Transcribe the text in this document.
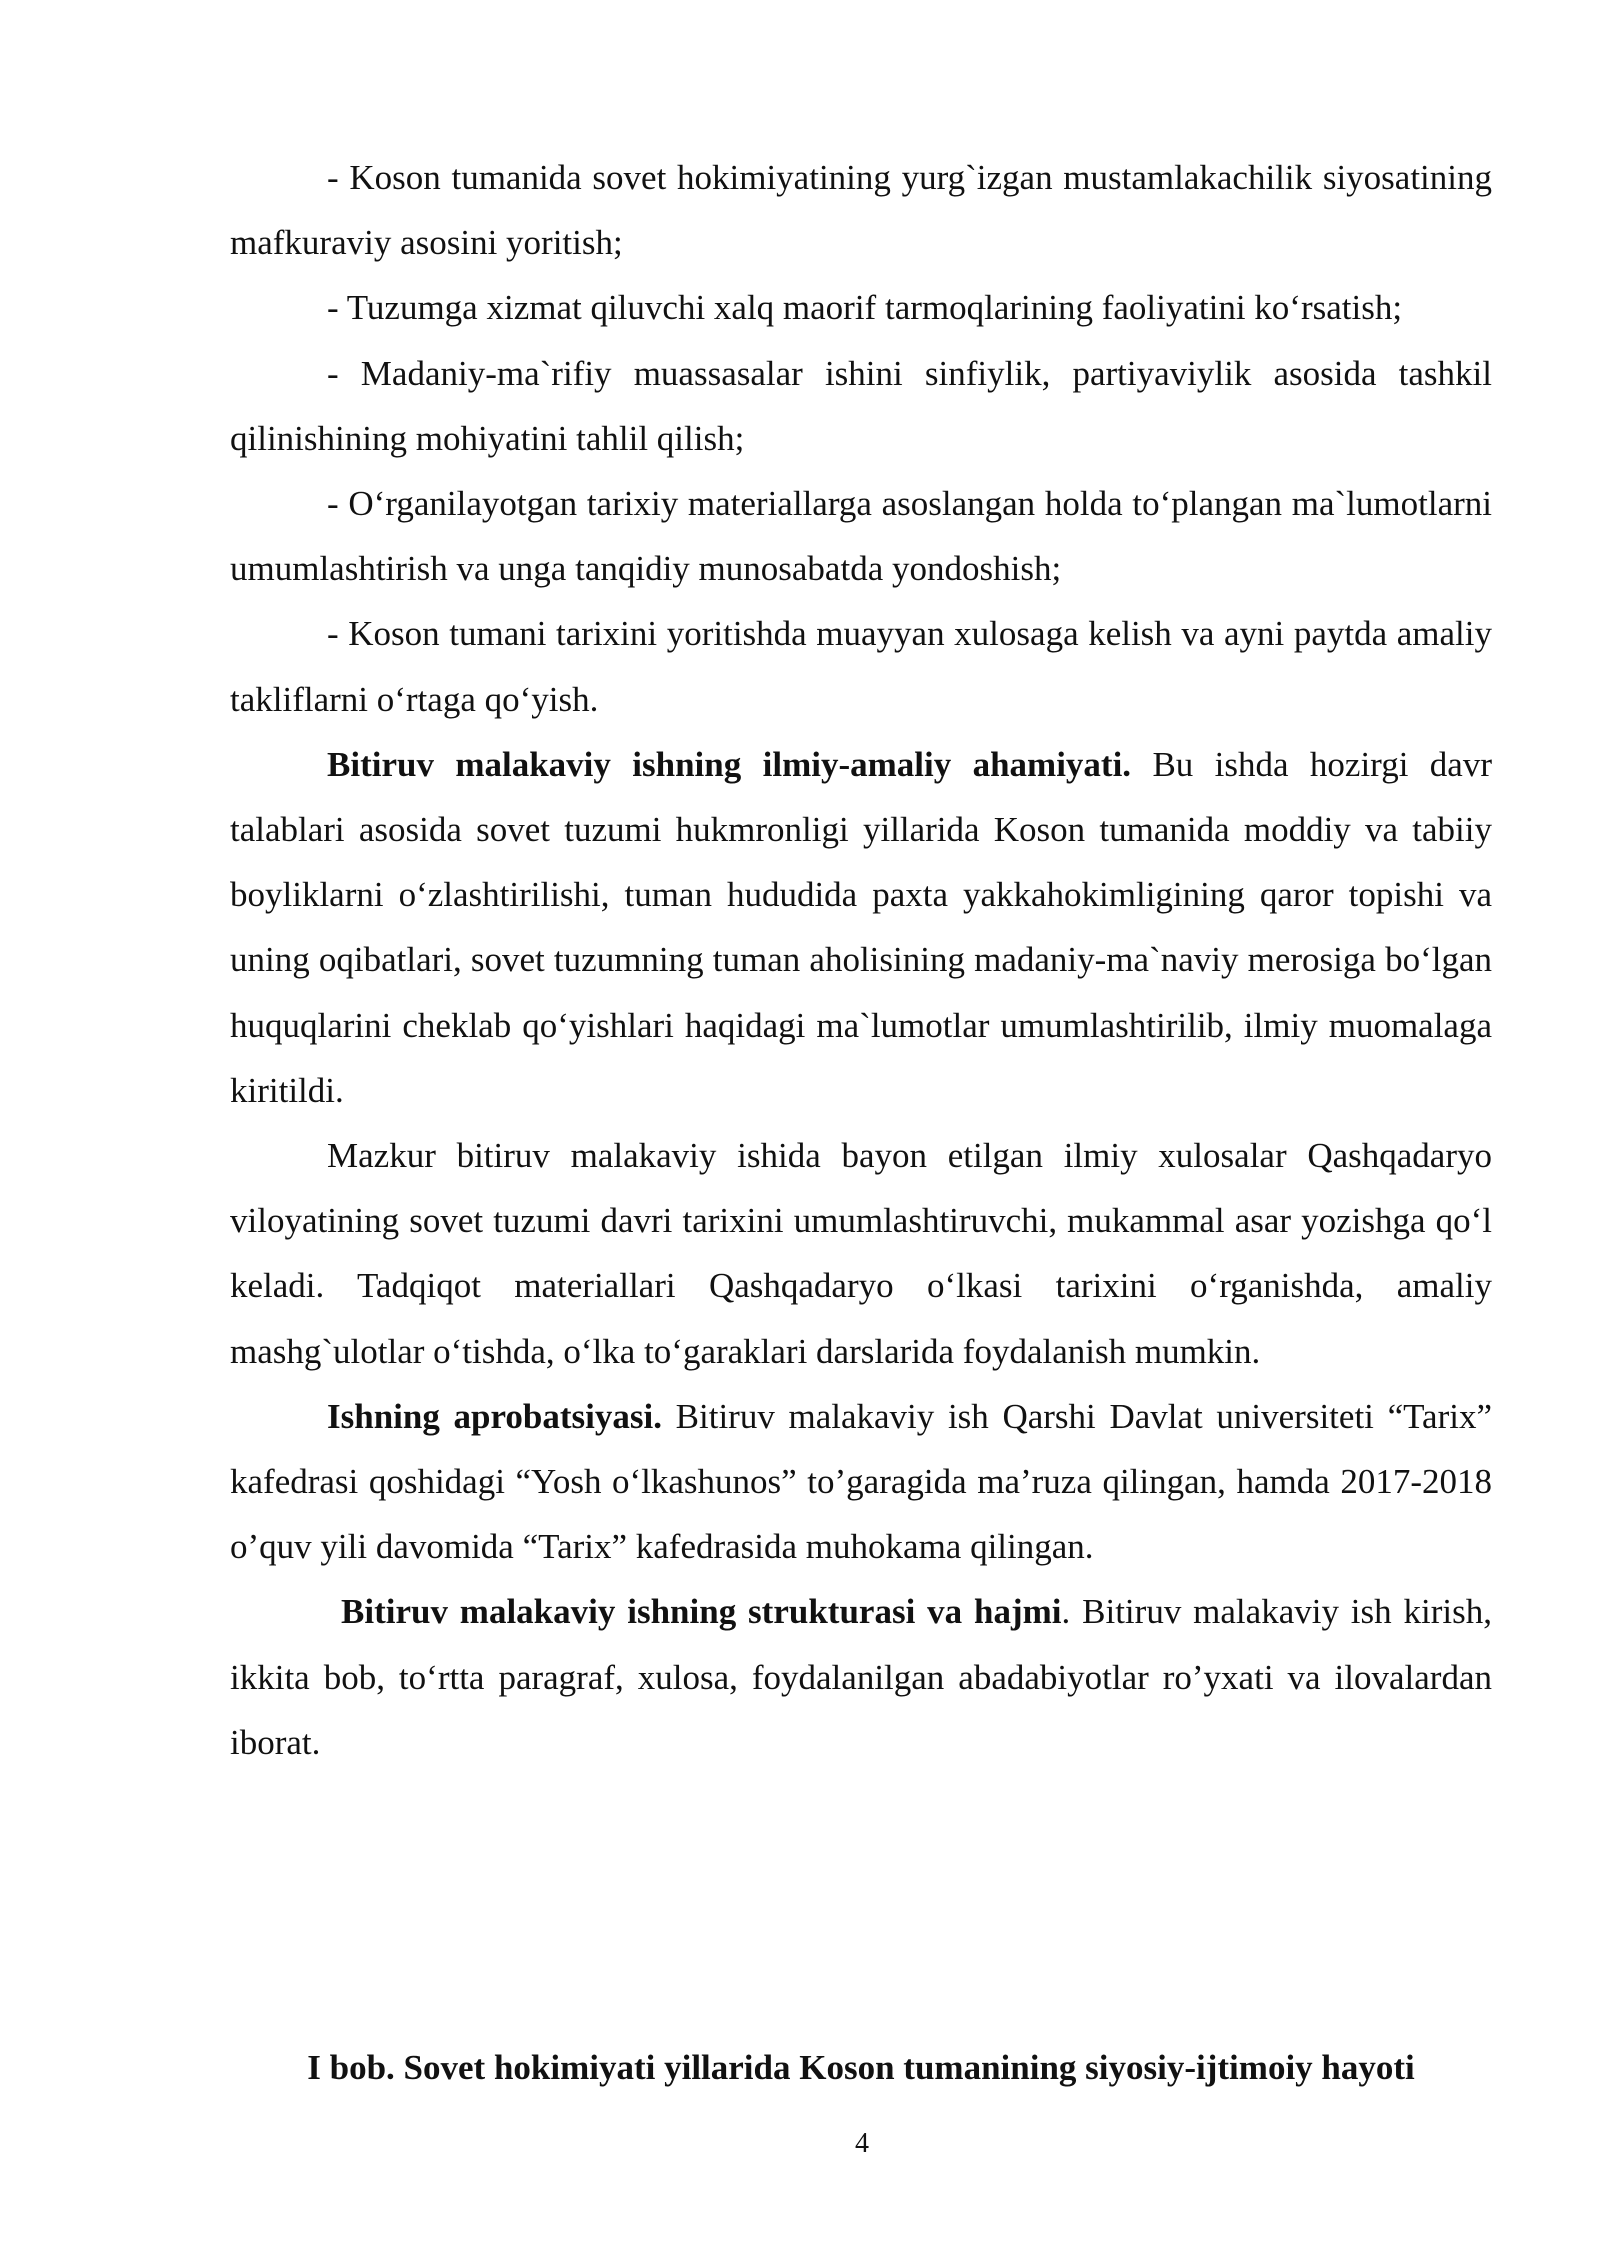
- Koson tumanida sovet hokimiyatining yurg`izgan mustamlakachilik siyosatining mafkuraviy asosini yoritish;

- Tuzumga xizmat qiluvchi xalq maorif tarmoqlarining faoliyatini ko‘rsatish;

- Madaniy-ma`rifiy muassasalar ishini sinfiylik, partiyaviylik asosida tashkil qilinishining mohiyatini tahlil qilish;

- O‘rganilayotgan tarixiy materiallarga asoslangan holda to‘plangan ma`lumotlarni umumlashtirish va unga tanqidiy munosabatda yondoshish;

- Koson tumani tarixini yoritishda muayyan xulosaga kelish va ayni paytda amaliy takliflarni o‘rtaga qo‘yish.

Bitiruv malakaviy ishning ilmiy-amaliy ahamiyati. Bu ishda hozirgi davr talablari asosida sovet tuzumi hukmronligi yillarida Koson tumanida moddiy va tabiiy boyliklarni o‘zlashtirilishi, tuman hududida paxta yakkahokimligining qaror topishi va uning oqibatlari, sovet tuzumning tuman aholisining madaniy-ma`naviy merosiga bo‘lgan huquqlarini cheklab qo‘yishlari haqidagi ma`lumotlar umumlashtirilib, ilmiy muomalaga kiritildi.

Mazkur bitiruv malakaviy ishida bayon etilgan ilmiy xulosalar Qashqadaryo viloyatining sovet tuzumi davri tarixini umumlashtiruvchi, mukammal asar yozishga qo‘l keladi. Tadqiqot materiallari Qashqadaryo o‘lkasi tarixini o‘rganishda, amaliy mashg`ulotlar o‘tishda, o‘lka to‘garaklari darslarida foydalanish mumkin.

Ishning aprobatsiyasi. Bitiruv malakaviy ish Qarshi Davlat universiteti “Tarix” kafedrasi qoshidagi “Yosh o‘lkashunos” to’garagida ma’ruza qilingan, hamda 2017-2018 o’quv yili davomida “Tarix” kafedrasida muhokama qilingan.

Bitiruv malakaviy ishning strukturasi va hajmi. Bitiruv malakaviy ish kirish, ikkita bob, to‘rtta paragraf, xulosa, foydalanilgan abadabiyotlar ro’yxati va ilovalardan iborat.

I bob. Sovet hokimiyati yillarida Koson tumanining siyosiy-ijtimoiy hayoti
4
